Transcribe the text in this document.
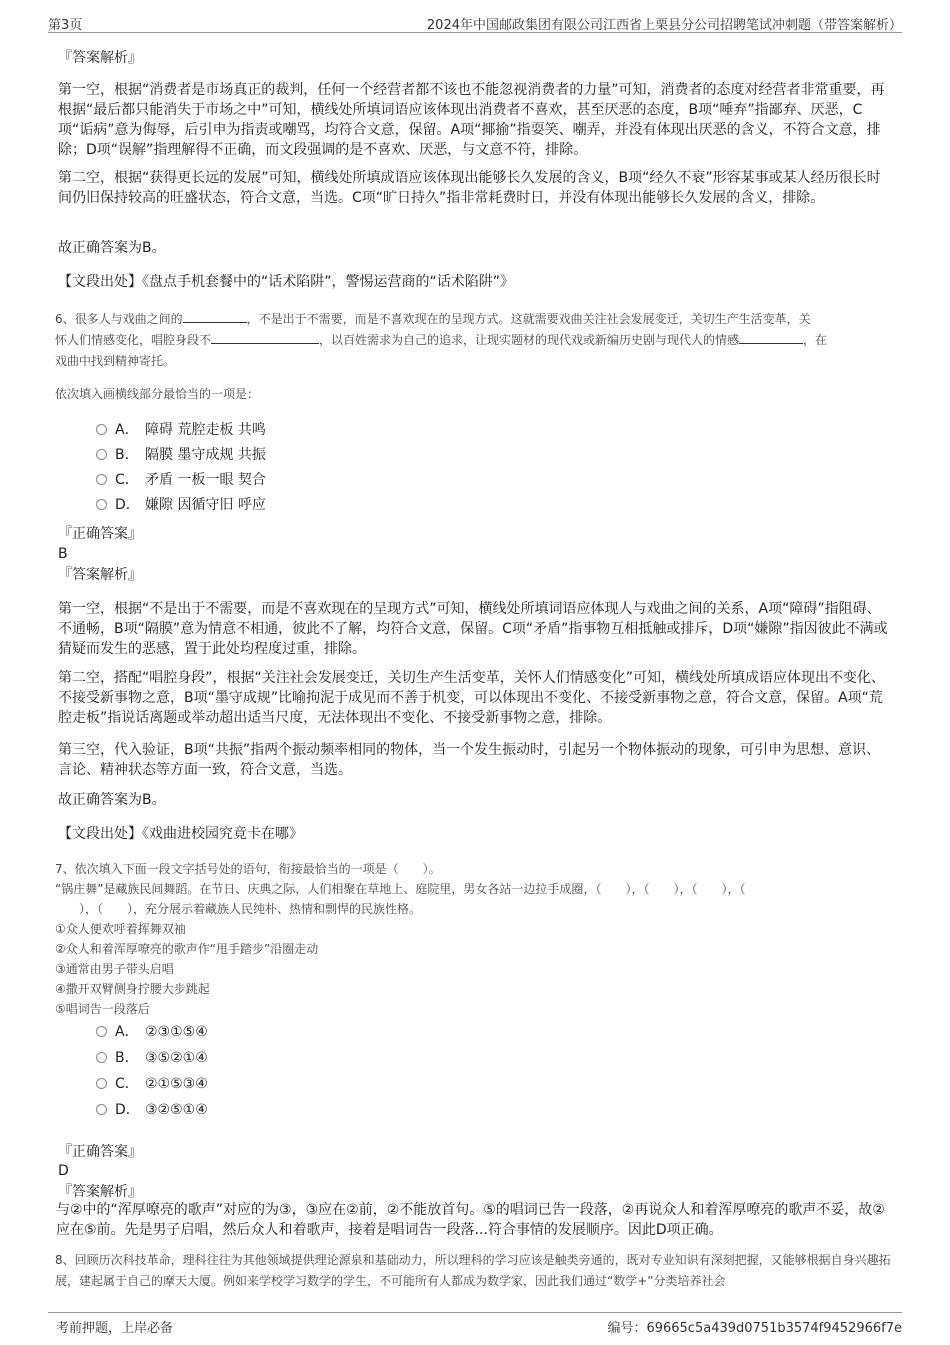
第3页	2024年中国邮政集团有限公司江西省上栗县分公司招聘笔试冲刺题（带答案解析）

『答案解析』

第一空，根据“消费者是市场真正的裁判，任何一个经营者都不该也不能忽视消费者的力量”可知，消费者的态度对经营者非常重要，再根据“最后都只能消失于市场之中”可知，横线处所填词语应该体现出消费者不喜欢，甚至厌恶的态度，B项“唾弃”指鄙弃、厌恶，C项“诟病”意为侮辱，后引申为指责或嘲骂，均符合文意，保留。A项“揶揄”指耍笑、嘲弄，并没有体现出厌恶的含义，不符合文意，排除；D项“误解”指理解得不正确，而文段强调的是不喜欢、厌恶，与文意不符，排除。

第二空，根据“获得更长远的发展”可知，横线处所填成语应该体现出能够长久发展的含义，B项“经久不衰”形容某事或某人经历很长时间仍旧保持较高的旺盛状态，符合文意，当选。C项“旷日持久”指非常耗费时日，并没有体现出能够长久发展的含义，排除。

故正确答案为B。

【文段出处】《盘点手机套餐中的“话术陷阱”，警惕运营商的“话术陷阱”》

6、很多人与戏曲之间的	，不是出于不需要，而是不喜欢现在的呈现方式。这就需要戏曲关注社会发展变迁，关切生产生活变革，关
怀人们情感变化，唱腔身段不	，以百姓需求为自己的追求，让现实题材的现代戏或新编历史剧与现代人的情感	，在
戏曲中找到精神寄托。

依次填入画横线部分最恰当的一项是：

A． 障碍 荒腔走板 共鸣
B． 隔膜 墨守成规 共振
C． 矛盾 一板一眼 契合
D． 嫌隙 因循守旧 呼应

『正确答案』

B

『答案解析』

第一空，根据“不是出于不需要，而是不喜欢现在的呈现方式”可知，横线处所填词语应体现人与戏曲之间的关系，A项“障碍”指阻碍、不通畅，B项“隔膜”意为情意不相通，彼此不了解，均符合文意，保留。C项“矛盾”指事物互相抵触或排斥，D项“嫌隙”指因彼此不满或猜疑而发生的恶感，置于此处均程度过重，排除。

第二空，搭配“唱腔身段”，根据“关注社会发展变迁，关切生产生活变革，关怀人们情感变化”可知，横线处所填成语应体现出不变化、不接受新事物之意，B项“墨守成规”比喻拘泥于成见而不善于机变，可以体现出不变化、不接受新事物之意，符合文意，保留。A项“荒腔走板”指说话离题或举动超出适当尺度，无法体现出不变化、不接受新事物之意，排除。

第三空，代入验证，B项“共振”指两个振动频率相同的物体，当一个发生振动时，引起另一个物体振动的现象，可引申为思想、意识、言论、精神状态等方面一致，符合文意，当选。

故正确答案为B。

【文段出处】《戏曲进校园究竟卡在哪》

7、依次填入下面一段文字括号处的语句，衔接最恰当的一项是（　　）。

“锅庄舞”是藏族民间舞蹈。在节日、庆典之际，人们相聚在草地上、庭院里，男女各站一边拉手成圈，（　　），（　　），（　　），（

　　），（　　），充分展示着藏族人民纯朴、热情和剽悍的民族性格。

①众人便欢呼着挥舞双袖

②众人和着浑厚嘹亮的歌声作“甩手踏步”沿圈走动

③通常由男子带头启唱

④撒开双臂侧身拧腰大步跳起

⑤唱词告一段落后

A． ②③①⑤④
B． ③⑤②①④
C． ②①⑤③④
D． ③②⑤①④

『正确答案』

D

『答案解析』

与②中的“浑厚嘹亮的歌声”对应的为③，③应在②前，②不能放首句。⑤的唱词已告一段落，②再说众人和着浑厚嘹亮的歌声不妥，故②应在⑤前。先是男子启唱，然后众人和着歌声，接着是唱词告一段落...符合事情的发展顺序。因此D项正确。

8、回顾历次科技革命，理科往往为其他领域提供理论源泉和基础动力，所以理科的学习应该是触类旁通的，既对专业知识有深刻把握，又能够根据自身兴趣拓展，建起属于自己的摩天大厦。例如来学校学习数学的学生，不可能所有人都成为数学家，因此我们通过“数学+”分类培养社会

考前押题，上岸必备	编号：69665c5a439d0751b3574f9452966f7e
